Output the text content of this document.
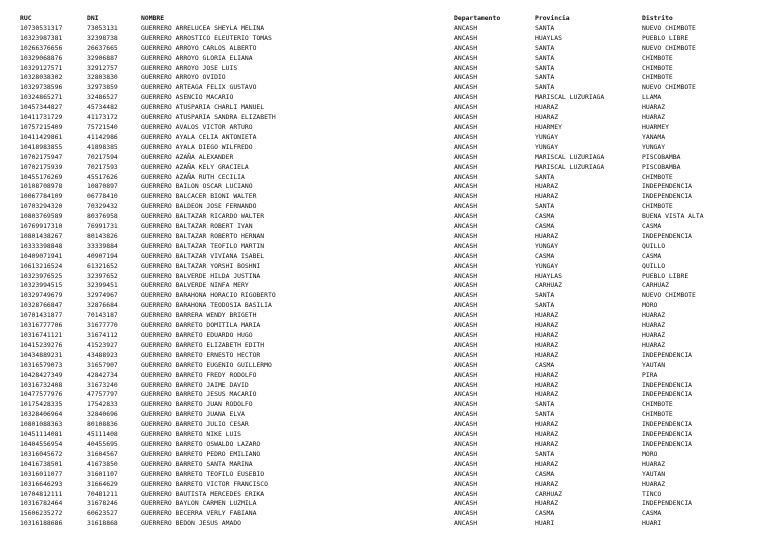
RUC	DNI	NOMBRE	Departamento	Provincia	Distrito
10730531317	73053131	GUERRERO ARRELUCEA SHEYLA MELINA	ANCASH	SANTA	NUEVO CHIMBOTE
10323987381	32398738	GUERRERO ARROSTICO ELEUTERIO TOMAS	ANCASH	HUAYLAS	PUEBLO LIBRE
10266376656	26637665	GUERRERO ARROYO CARLOS ALBERTO	ANCASH	SANTA	NUEVO CHIMBOTE
10329068876	32906887	GUERRERO ARROYO GLORIA ELIANA	ANCASH	SANTA	CHIMBOTE
10329127571	32912757	GUERRERO ARROYO JOSE LUIS	ANCASH	SANTA	CHIMBOTE
10328038302	32803830	GUERRERO ARROYO OVIDIO	ANCASH	SANTA	CHIMBOTE
10329738596	32973859	GUERRERO ARTEAGA FELIX GUSTAVO	ANCASH	SANTA	NUEVO CHIMBOTE
10324865271	32486527	GUERRERO ASENCIO MACARIO	ANCASH	MARISCAL LUZURIAGA	LLAMA
10457344827	45734482	GUERRERO ATUSPARIA CHARLI MANUEL	ANCASH	HUARAZ	HUARAZ
10411731729	41173172	GUERRERO ATUSPARIA SANDRA ELIZABETH	ANCASH	HUARAZ	HUARAZ
10757215409	75721540	GUERRERO AVALOS VICTOR ARTURO	ANCASH	HUARMEY	HUARMEY
10411429861	41142986	GUERRERO AYALA CELIA ANTONIETA	ANCASH	YUNGAY	YANAMA
10418983855	41898385	GUERRERO AYALA DIEGO WILFREDO	ANCASH	YUNGAY	YUNGAY
10702175947	70217594	GUERRERO AZAÑA ALEXANDER	ANCASH	MARISCAL LUZURIAGA	PISCOBAMBA
10702175939	70217593	GUERRERO AZAÑA KELY GRACIELA	ANCASH	MARISCAL LUZURIAGA	PISCOBAMBA
10455176269	45517626	GUERRERO AZAÑA RUTH CECILIA	ANCASH	SANTA	CHIMBOTE
10108708978	10870897	GUERRERO BAILON OSCAR LUCIANO	ANCASH	HUARAZ	INDEPENDENCIA
10067784109	06778410	GUERRERO BALCACER BIONI WALTER	ANCASH	HUARAZ	INDEPENDENCIA
10703294320	70329432	GUERRERO BALDEON JOSE FERNANDO	ANCASH	SANTA	CHIMBOTE
10803769589	80376958	GUERRERO BALTAZAR RICARDO WALTER	ANCASH	CASMA	BUENA VISTA ALTA
10769917310	76991731	GUERRERO BALTAZAR ROBERT IVAN	ANCASH	CASMA	CASMA
10801438267	80143826	GUERRERO BALTAZAR ROBERTO HERNAN	ANCASH	HUARAZ	INDEPENDENCIA
10333398848	33339884	GUERRERO BALTAZAR TEOFILO MARTIN	ANCASH	YUNGAY	QUILLO
10409071941	40907194	GUERRERO BALTAZAR VIVIANA ISABEL	ANCASH	CASMA	CASMA
10613216524	61321652	GUERRERO BALTAZAR YORSHI BOSHNI	ANCASH	YUNGAY	QUILLO
10323976525	32397652	GUERRERO BALVERDE HILDA JUSTINA	ANCASH	HUAYLAS	PUEBLO LIBRE
10323994515	32399451	GUERRERO BALVERDE NINFA MERY	ANCASH	CARHUAZ	CARHUAZ
10329749679	32974967	GUERRERO BARAHONA HORACIO RIGOBERTO	ANCASH	SANTA	NUEVO CHIMBOTE
10328766847	32876684	GUERRERO BARAHONA TEODOSIA BASILIA	ANCASH	SANTA	MORO
10701431877	70143187	GUERRERO BARRERA WENDY BRIGETH	ANCASH	HUARAZ	HUARAZ
10316777706	31677770	GUERRERO BARRETO DOMITILA MARIA	ANCASH	HUARAZ	HUARAZ
10316741121	31674112	GUERRERO BARRETO EDUARDO HUGO	ANCASH	HUARAZ	HUARAZ
10415239276	41523927	GUERRERO BARRETO ELIZABETH EDITH	ANCASH	HUARAZ	HUARAZ
10434889231	43488923	GUERRERO BARRETO ERNESTO HECTOR	ANCASH	HUARAZ	INDEPENDENCIA
10316579073	31657907	GUERRERO BARRETO EUGENIO GUILLERMO	ANCASH	CASMA	YAUTAN
10428427349	42842734	GUERRERO BARRETO FREDY RODOLFO	ANCASH	HUARAZ	PIRA
10316732408	31673240	GUERRERO BARRETO JAIME DAVID	ANCASH	HUARAZ	INDEPENDENCIA
10477577976	47757797	GUERRERO BARRETO JESUS MACARIO	ANCASH	HUARAZ	INDEPENDENCIA
10175428335	17542833	GUERRERO BARRETO JUAN RODOLFO	ANCASH	SANTA	CHIMBOTE
10328406964	32840696	GUERRERO BARRETO JUANA ELVA	ANCASH	SANTA	CHIMBOTE
10801088363	80108836	GUERRERO BARRETO JULIO CESAR	ANCASH	HUARAZ	INDEPENDENCIA
10451114081	45111408	GUERRERO BARRETO NIKE LUIS	ANCASH	HUARAZ	INDEPENDENCIA
10404556954	40455695	GUERRERO BARRETO OSWALDO LAZARO	ANCASH	HUARAZ	INDEPENDENCIA
10316045672	31604567	GUERRERO BARRETO PEDRO EMILIANO	ANCASH	SANTA	MORO
10416738501	41673850	GUERRERO BARRETO SANTA MARINA	ANCASH	HUARAZ	HUARAZ
10316011077	31601107	GUERRERO BARRETO TEOFILO EUSEBIO	ANCASH	CASMA	YAUTAN
10316646293	31664629	GUERRERO BARRETO VICTOR FRANCISCO	ANCASH	HUARAZ	HUARAZ
10704812111	70481211	GUERRERO BAUTISTA MERCEDES ERIKA	ANCASH	CARHUAZ	TINCO
10316782464	31678246	GUERRERO BAYLON CARMEN LUZMILA	ANCASH	HUARAZ	INDEPENDENCIA
15606235272	60623527	GUERRERO BECERRA VERLY FABIANA	ANCASH	CASMA	CASMA
10316188686	31618868	GUERRERO BEDON JESUS AMADO	ANCASH	HUARI	HUARI
